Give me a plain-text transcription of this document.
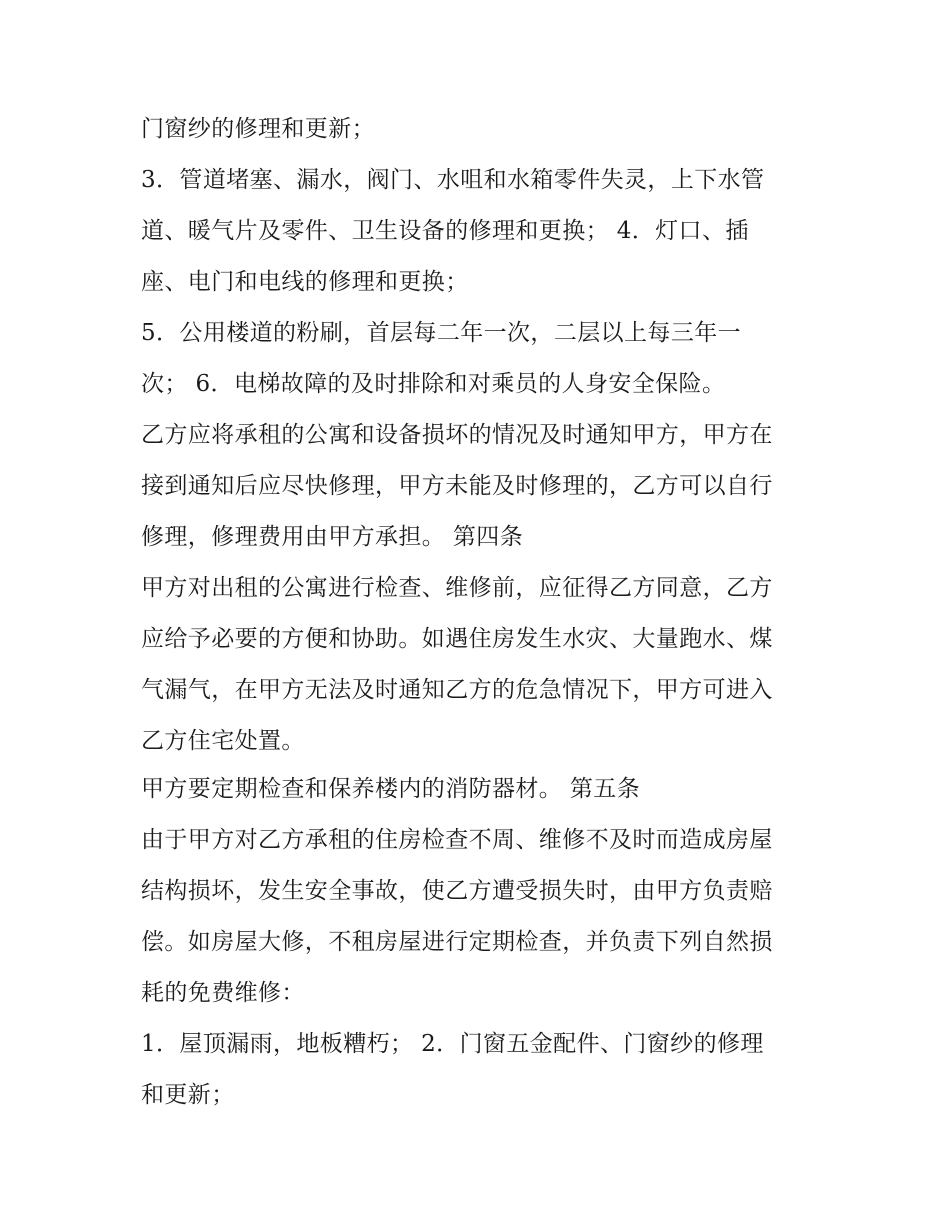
门窗纱的修理和更新；
3．管道堵塞、漏水，阀门、水咀和水箱零件失灵，上下水管
道、暖气片及零件、卫生设备的修理和更换； 4．灯口、插
座、电门和电线的修理和更换；
5．公用楼道的粉刷，首层每二年一次，二层以上每三年一
次； 6．电梯故障的及时排除和对乘员的人身安全保险。
乙方应将承租的公寓和设备损坏的情况及时通知甲方，甲方在
接到通知后应尽快修理，甲方未能及时修理的，乙方可以自行
修理，修理费用由甲方承担。 第四条
甲方对出租的公寓进行检查、维修前，应征得乙方同意，乙方
应给予必要的方便和协助。如遇住房发生水灾、大量跑水、煤
气漏气，在甲方无法及时通知乙方的危急情况下，甲方可进入
乙方住宅处置。
甲方要定期检查和保养楼内的消防器材。 第五条
由于甲方对乙方承租的住房检查不周、维修不及时而造成房屋
结构损坏，发生安全事故，使乙方遭受损失时，由甲方负责赔
偿。如房屋大修，不租房屋进行定期检查，并负责下列自然损
耗的免费维修：
1．屋顶漏雨，地板糟朽； 2．门窗五金配件、门窗纱的修理
和更新；
